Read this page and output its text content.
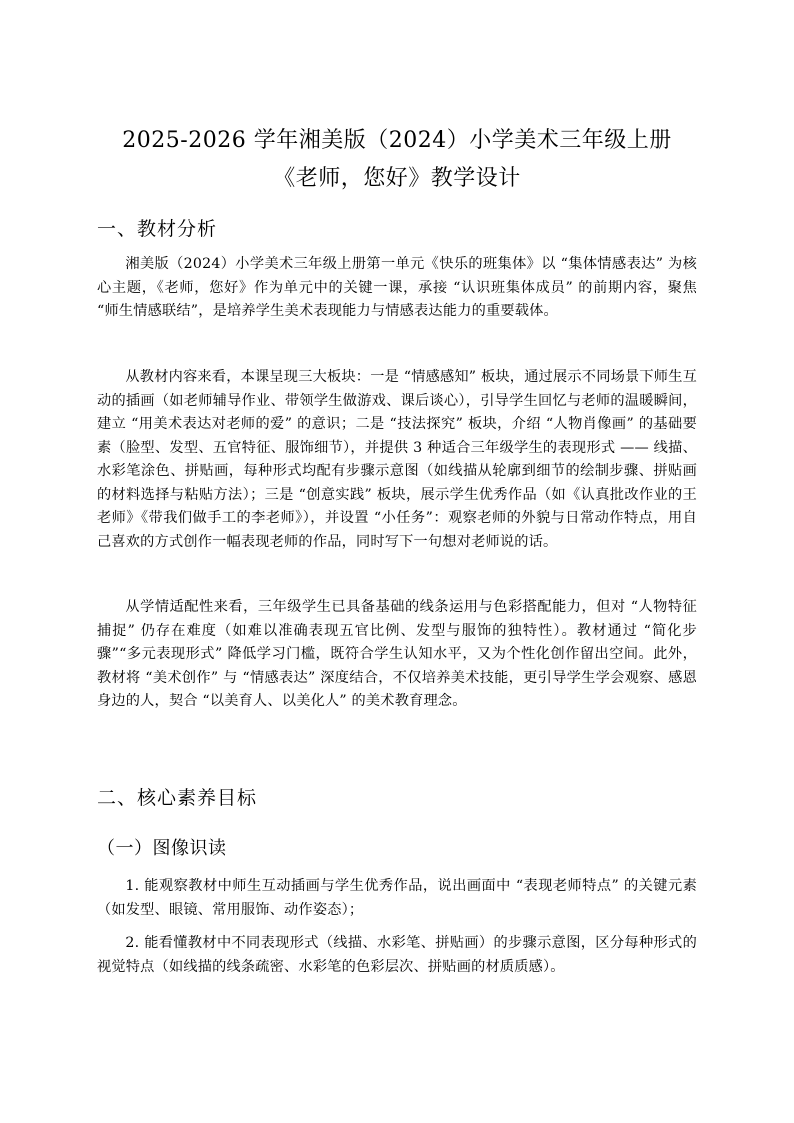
2025-2026 学年湘美版（2024）小学美术三年级上册
《老师，您好》教学设计
一、教材分析
湘美版（2024）小学美术三年级上册第一单元《快乐的班集体》以 “集体情感表达” 为核心主题，《老师，您好》作为单元中的关键一课，承接 “认识班集体成员” 的前期内容，聚焦 “师生情感联结”，是培养学生美术表现能力与情感表达能力的重要载体。
从教材内容来看，本课呈现三大板块：一是 “情感感知” 板块，通过展示不同场景下师生互动的插画（如老师辅导作业、带领学生做游戏、课后谈心），引导学生回忆与老师的温暖瞬间，建立 “用美术表达对老师的爱” 的意识；二是 “技法探究” 板块，介绍 “人物肖像画” 的基础要素（脸型、发型、五官特征、服饰细节），并提供 3 种适合三年级学生的表现形式 —— 线描、水彩笔涂色、拼贴画，每种形式均配有步骤示意图（如线描从轮廓到细节的绘制步骤、拼贴画的材料选择与粘贴方法）；三是 “创意实践” 板块，展示学生优秀作品（如《认真批改作业的王老师》《带我们做手工的李老师》），并设置 “小任务”：观察老师的外貌与日常动作特点，用自己喜欢的方式创作一幅表现老师的作品，同时写下一句想对老师说的话。
从学情适配性来看，三年级学生已具备基础的线条运用与色彩搭配能力，但对 “人物特征捕捉” 仍存在难度（如难以准确表现五官比例、发型与服饰的独特性）。教材通过 “简化步骤”“多元表现形式” 降低学习门槛，既符合学生认知水平，又为个性化创作留出空间。此外，教材将 “美术创作” 与 “情感表达” 深度结合，不仅培养美术技能，更引导学生学会观察、感恩身边的人，契合 “以美育人、以美化人” 的美术教育理念。
二、核心素养目标
（一）图像识读
1. 能观察教材中师生互动插画与学生优秀作品，说出画面中 “表现老师特点” 的关键元素（如发型、眼镜、常用服饰、动作姿态）；
2. 能看懂教材中不同表现形式（线描、水彩笔、拼贴画）的步骤示意图，区分每种形式的视觉特点（如线描的线条疏密、水彩笔的色彩层次、拼贴画的材质质感）。
